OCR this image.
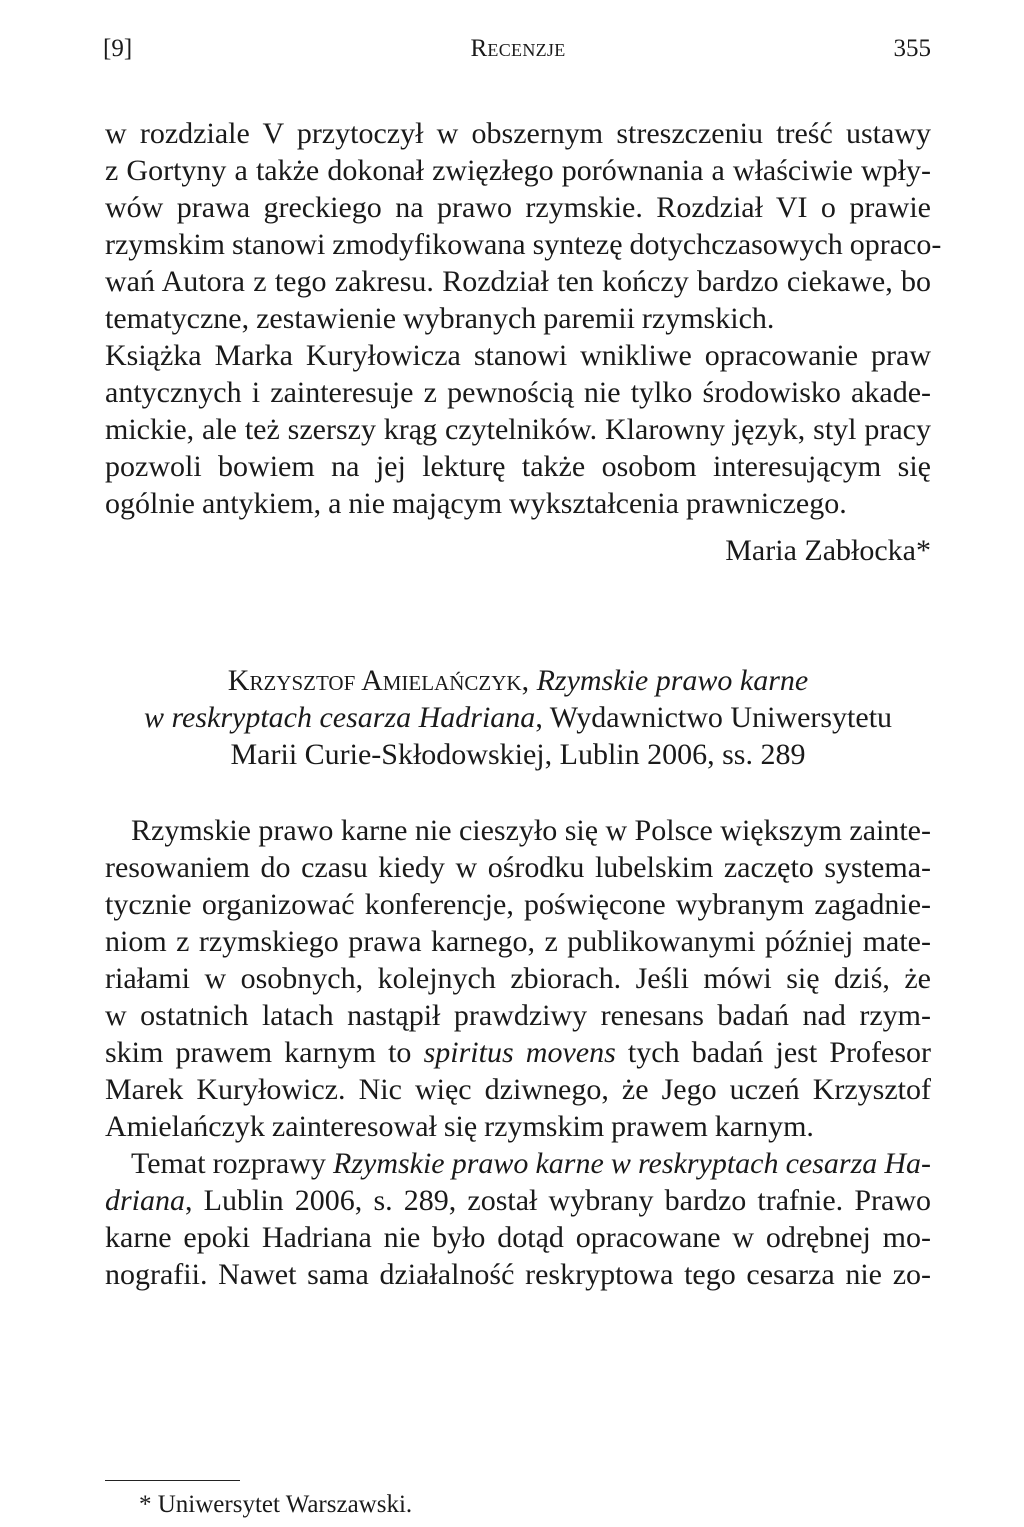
[9]	Recenzje	355

w rozdziale V przytoczył w obszernym streszczeniu treść ustawy
z Gortyny a także dokonał zwięzłego porównania a właściwie wpły-
wów prawa greckiego na prawo rzymskie. Rozdział VI o prawie
rzymskim stanowi zmodyfikowana syntezę dotychczasowych opraco-
wań Autora z tego zakresu. Rozdział ten kończy bardzo ciekawe, bo
tematyczne, zestawienie wybranych paremii rzymskich.

Książka Marka Kuryłowicza stanowi wnikliwe opracowanie praw
antycznych i zainteresuje z pewnością nie tylko środowisko akade-
mickie, ale też szerszy krąg czytelników. Klarowny język, styl pracy
pozwoli bowiem na jej lekturę także osobom interesującym się
ogólnie antykiem, a nie mającym wykształcenia prawniczego.

Maria Zabłocka*
Krzysztof Amielańczyk, Rzymskie prawo karne
w reskryptach cesarza Hadriana, Wydawnictwo Uniwersytetu
Marii Curie-Skłodowskiej, Lublin 2006, ss. 289

Rzymskie prawo karne nie cieszyło się w Polsce większym zainte-
resowaniem do czasu kiedy w ośrodku lubelskim zaczęto systema-
tycznie organizować konferencje, poświęcone wybranym zagadnie-
niom z rzymskiego prawa karnego, z publikowanymi później mate-
riałami w osobnych, kolejnych zbiorach. Jeśli mówi się dziś, że
w ostatnich latach nastąpił prawdziwy renesans badań nad rzym-
skim prawem karnym to spiritus movens tych badań jest Profesor
Marek Kuryłowicz. Nic więc dziwnego, że Jego uczeń Krzysztof
Amielańczyk zainteresował się rzymskim prawem karnym.

Temat rozprawy Rzymskie prawo karne w reskryptach cesarza Ha-
driana, Lublin 2006, s. 289, został wybrany bardzo trafnie. Prawo
karne epoki Hadriana nie było dotąd opracowane w odrębnej mo-
nografii. Nawet sama działalność reskryptowa tego cesarza nie zo-

* Uniwersytet Warszawski.
